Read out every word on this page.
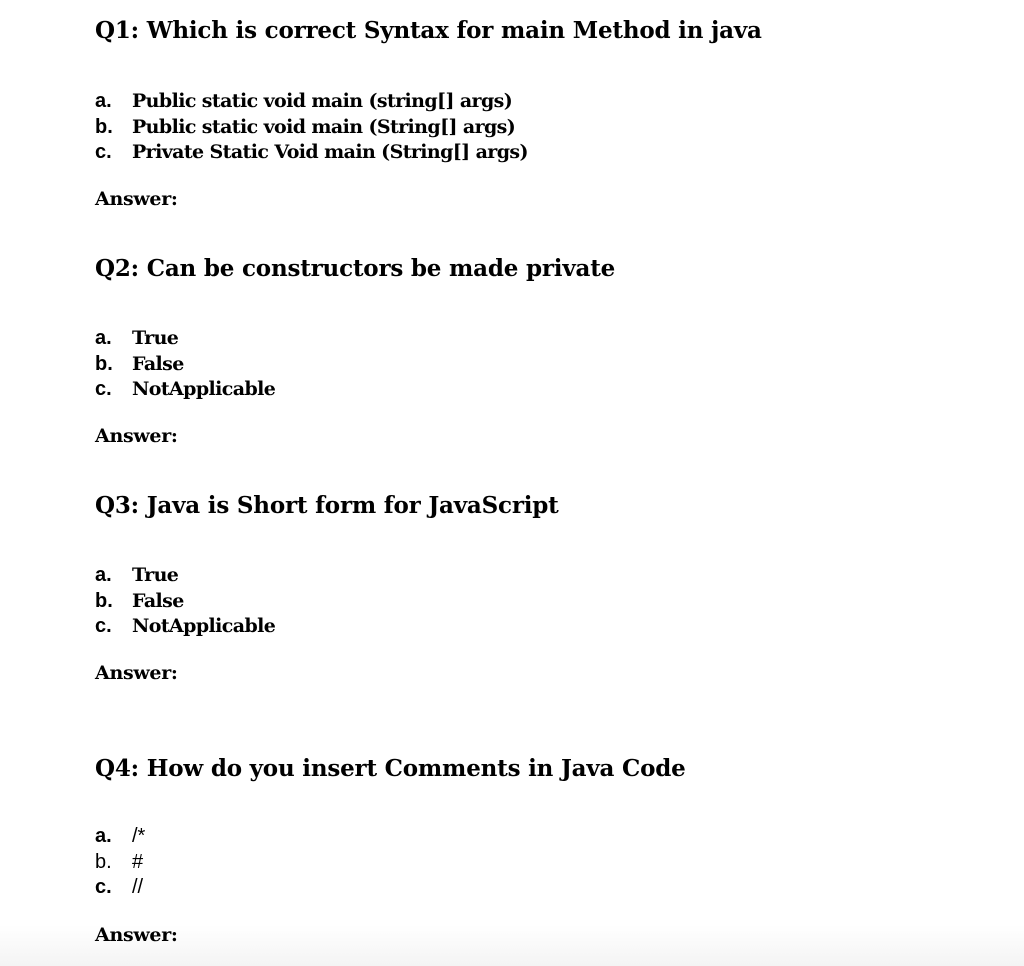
Q1: Which is correct Syntax for main Method in java
a.	Public static void main (string[] args)
b.	Public static void main (String[] args)
c.	Private Static Void main (String[] args)

Answer:

Q2: Can be constructors be made private
a.	True
b.	False
c.	NotApplicable

Answer:

Q3: Java is Short form for JavaScript
a.	True
b.	False
c.	NotApplicable

Answer:

Q4: How do you insert Comments in Java Code
a.	/*
b.	#
c.	//

Answer:
